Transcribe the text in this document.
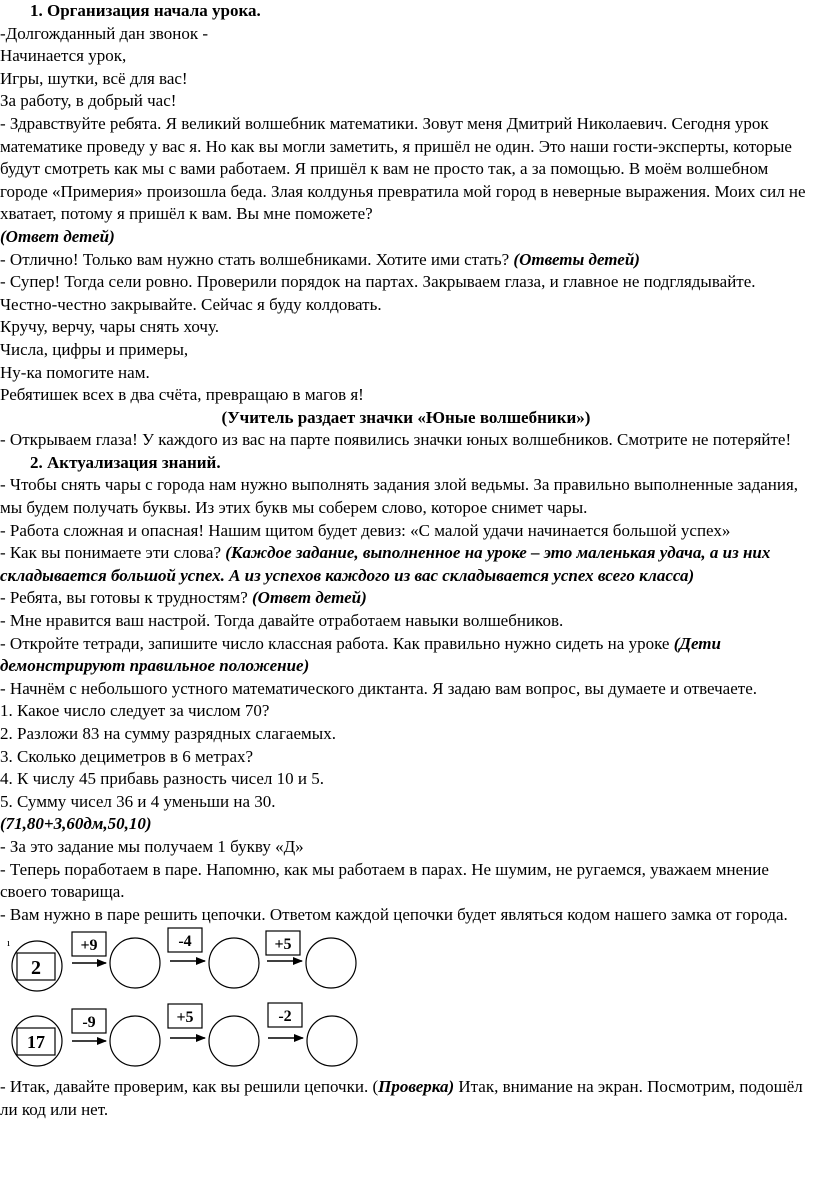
1. Организация начала урока.

-Долгожданный дан звонок -

Начинается урок,

Игры, шутки, всё для вас!

За работу, в добрый час!

- Здравствуйте ребята. Я великий волшебник математики. Зовут меня Дмитрий Николаевич. Сегодня урок математике проведу у вас я. Но как вы могли заметить, я пришёл не один. Это наши гости-эксперты, которые будут смотреть как мы с вами работаем. Я пришёл к вам не просто так, а за помощью. В моём волшебном городе «Примерия» произошла беда. Злая колдунья превратила мой город в неверные выражения. Моих сил не хватает, потому я пришёл к вам. Вы мне поможете?

(Ответ детей)

- Отлично! Только вам нужно стать волшебниками. Хотите ими стать? (Ответы детей)

- Супер! Тогда сели ровно. Проверили порядок на партах. Закрываем глаза, и главное не подглядывайте. Честно-честно закрывайте. Сейчас я буду колдовать.

Кручу, верчу, чары снять хочу.

Числа, цифры и примеры,

Ну-ка помогите нам.

Ребятишек всех в два счёта, превращаю в магов я!

(Учитель раздает значки «Юные волшебники»)

- Открываем глаза! У каждого из вас на парте появились значки юных волшебников. Смотрите не потеряйте!

2. Актуализация знаний.

- Чтобы снять чары с города нам нужно выполнять задания злой ведьмы. За правильно выполненные задания, мы будем получать буквы. Из этих букв мы соберем слово, которое снимет чары.

- Работа сложная и опасная! Нашим щитом будет девиз: «С малой удачи начинается большой успех»

- Как вы понимаете эти слова? (Каждое задание, выполненное на уроке – это маленькая удача, а из них складывается большой успех. А из успехов каждого из вас складывается успех всего класса)

- Ребята, вы готовы к трудностям? (Ответ детей)

- Мне нравится ваш настрой. Тогда давайте отработаем навыки волшебников.

- Откройте тетради, запишите число классная работа. Как правильно нужно сидеть на уроке (Дети демонстрируют правильное положение)

- Начнём с небольшого устного математического диктанта. Я задаю вам вопрос, вы думаете и отвечаете.

1. Какое число следует за числом 70?

2. Разложи 83 на сумму разрядных слагаемых.

3. Сколько дециметров в 6 метрах?

4. К числу 45 прибавь разность чисел 10 и 5.

5. Сумму чисел 36 и 4 уменьши на 30.

(71,80+3,60дм,50,10)

- За это задание мы получаем 1 букву «Д»

- Теперь поработаем в паре. Напомню, как мы работаем в парах. Не шумим, не ругаемся, уважаем мнение своего товарища.

- Вам нужно в паре решить цепочки. Ответом каждой цепочки будет являться кодом нашего замка от города.

ı
2
+9	-4	+5
17
-9	+5	-2

- Итак, давайте проверим, как вы решили цепочки. (Проверка) Итак, внимание на экран. Посмотрим, подошёл ли код или нет.
